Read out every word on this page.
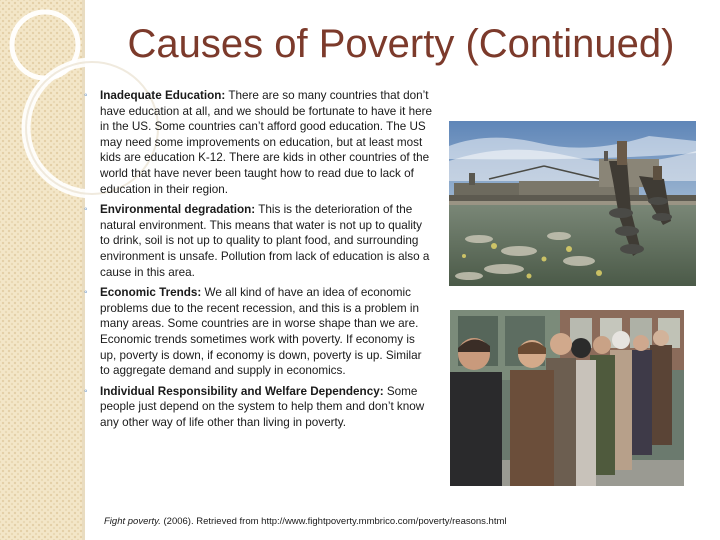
Causes of Poverty (Continued)
◦ Inadequate Education: There are so many countries that don’t have education at all, and we should be fortunate to have it here in the US. Some countries can’t afford good education. The US may need some improvements on education, but at least most kids are education K-12. There are kids in other countries of the world that have never been taught how to read due to lack of education in their region.
◦ Environmental degradation: This is the deterioration of the natural environment. This means that water is not up to quality to drink, soil is not up to quality to plant food, and surrounding environment is unsafe. Pollution from lack of education is also a cause in this area.
◦ Economic Trends: We all kind of have an idea of economic problems due to the recent recession, and this is a problem in many areas. Some countries are in worse shape than we are. Economic trends sometimes work with poverty. If economy is up, poverty is down, if economy is down, poverty is up. Similar to aggregate demand and supply in economics.
◦ Individual Responsibility and Welfare Dependency: Some people just depend on the system to help them and don’t know any other way of life other than living in poverty.
Fight poverty. (2006). Retrieved from http://www.fightpoverty.mmbrico.com/poverty/reasons.html
